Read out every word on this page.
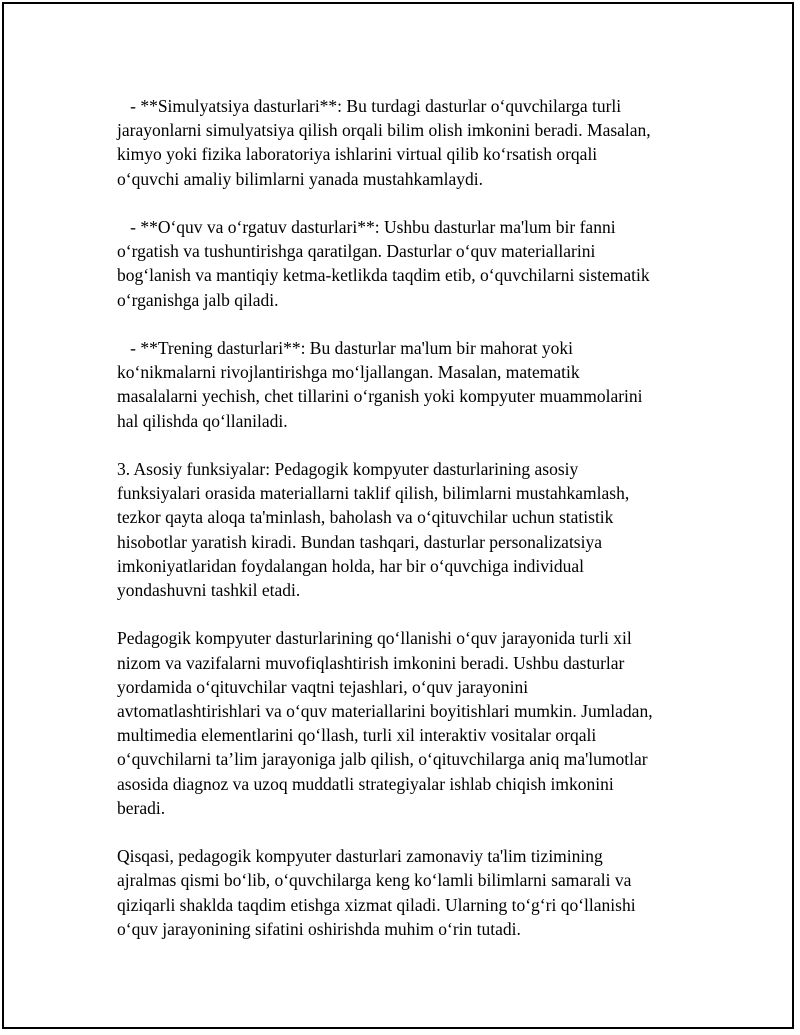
- **Simulyatsiya dasturlari**: Bu turdagi dasturlar o‘quvchilarga turli
jarayonlarni simulyatsiya qilish orqali bilim olish imkonini beradi. Masalan,
kimyo yoki fizika laboratoriya ishlarini virtual qilib ko‘rsatish orqali
o‘quvchi amaliy bilimlarni yanada mustahkamlaydi.

- **O‘quv va o‘rgatuv dasturlari**: Ushbu dasturlar ma'lum bir fanni
o‘rgatish va tushuntirishga qaratilgan. Dasturlar o‘quv materiallarini
bog‘lanish va mantiqiy ketma-ketlikda taqdim etib, o‘quvchilarni sistematik
o‘rganishga jalb qiladi.

- **Trening dasturlari**: Bu dasturlar ma'lum bir mahorat yoki
ko‘nikmalarni rivojlantirishga mo‘ljallangan. Masalan, matematik
masalalarni yechish, chet tillarini o‘rganish yoki kompyuter muammolarini
hal qilishda qo‘llaniladi.

3. Asosiy funksiyalar: Pedagogik kompyuter dasturlarining asosiy
funksiyalari orasida materiallarni taklif qilish, bilimlarni mustahkamlash,
tezkor qayta aloqa ta'minlash, baholash va o‘qituvchilar uchun statistik
hisobotlar yaratish kiradi. Bundan tashqari, dasturlar personalizatsiya
imkoniyatlaridan foydalangan holda, har bir o‘quvchiga individual
yondashuvni tashkil etadi.

Pedagogik kompyuter dasturlarining qo‘llanishi o‘quv jarayonida turli xil
nizom va vazifalarni muvofiqlashtirish imkonini beradi. Ushbu dasturlar
yordamida o‘qituvchilar vaqtni tejashlari, o‘quv jarayonini
avtomatlashtirishlari va o‘quv materiallarini boyitishlari mumkin. Jumladan,
multimedia elementlarini qo‘llash, turli xil interaktiv vositalar orqali
o‘quvchilarni ta’lim jarayoniga jalb qilish, o‘qituvchilarga aniq ma'lumotlar
asosida diagnoz va uzoq muddatli strategiyalar ishlab chiqish imkonini
beradi.

Qisqasi, pedagogik kompyuter dasturlari zamonaviy ta'lim tizimining
ajralmas qismi bo‘lib, o‘quvchilarga keng ko‘lamli bilimlarni samarali va
qiziqarli shaklda taqdim etishga xizmat qiladi. Ularning to‘g‘ri qo‘llanishi
o‘quv jarayonining sifatini oshirishda muhim o‘rin tutadi.
